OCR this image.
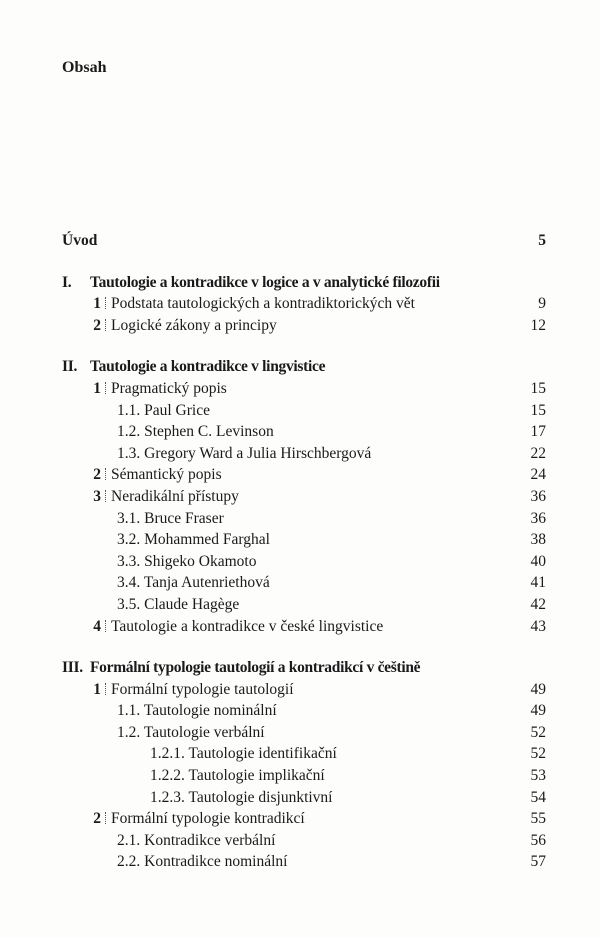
Obsah
Úvod	5
I. Tautologie a kontradikce v logice a v analytické filozofii
1 Podstata tautologických a kontradiktorických vět	9
2 Logické zákony a principy	12
II. Tautologie a kontradikce v lingvistice
1 Pragmatický popis	15
1.1. Paul Grice	15
1.2. Stephen C. Levinson	17
1.3. Gregory Ward a Julia Hirschbergová	22
2 Sémantický popis	24
3 Neradikální přístupy	36
3.1. Bruce Fraser	36
3.2. Mohammed Farghal	38
3.3. Shigeko Okamoto	40
3.4. Tanja Autenriethová	41
3.5. Claude Hagège	42
4 Tautologie a kontradikce v české lingvistice	43
III. Formální typologie tautologií a kontradikcí v češtině
1 Formální typologie tautologií	49
1.1. Tautologie nominální	49
1.2. Tautologie verbální	52
1.2.1. Tautologie identifikační	52
1.2.2. Tautologie implikační	53
1.2.3. Tautologie disjunktivní	54
2 Formální typologie kontradikcí	55
2.1. Kontradikce verbální	56
2.2. Kontradikce nominální	57
